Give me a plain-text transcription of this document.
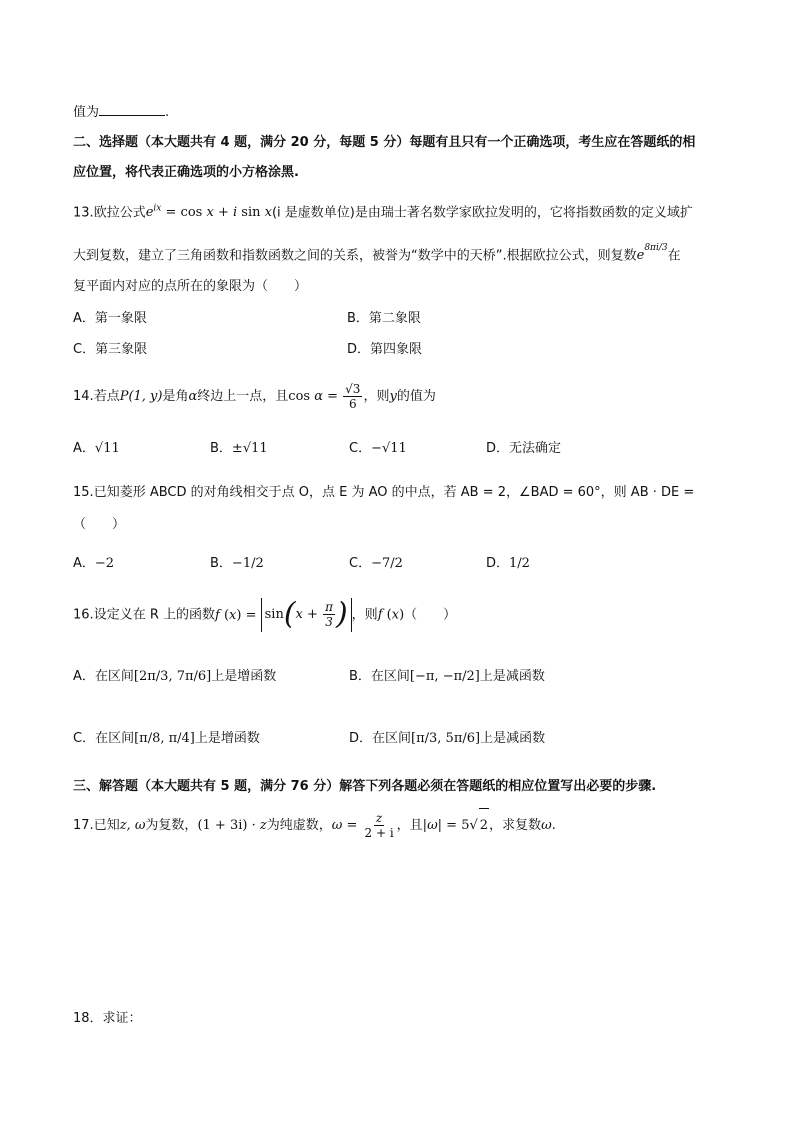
值为	.
二、选择题（本大题共有 4 题，满分 20 分，每题 5 分）每题有且只有一个正确选项，考生应在答题纸的相
应位置，将代表正确选项的小方格涂黑.
13.欧拉公式$e^{ix} = \cos x + i$ sin x(i 是虚数单位)是由瑞士著名数学家欧拉发明的，它将指数函数的定义域扩
大到复数，建立了三角函数和指数函数之间的关系，被誉为“数学中的天桥”.根据欧拉公式，则复数$e^{8\pi i/3}$在
复平面内对应的点所在的象限为（　　）
A．第一象限	B．第二象限
C．第三象限	D．第四象限
14.若点P(1, y)是角α终边上一点，且$\cos \alpha = \frac{√3}{6}$ ，则y的值为
A．√11	B．±√11	C．−√11	D．无法确定
15.已知菱形 ABCD 的对角线相交于点 O，点 E 为 AO 的中点，若 AB = 2，∠BAD = 60°，则 AB · DE =
（　　）
A．−2	B．−1/2	C．−7/2	D．1/2
16.设定义在 R 上的函数f $(x) = \sin(x + \frac{\pi}{3}$ ) ，则f (x)（　　）
A．在区间[2π/3, 7π/6]上是增函数	B．在区间[−π, −π/2]上是减函数
C．在区间[π/8, π/4]上是增函数	D．在区间[π/3, 5π/6]上是减函数
三、解答题（本大题共有 5 题，满分 76 分）解答下列各题必须在答题纸的相应位置写出必要的步骤.
17.已知z, ω为复数，(1 + 3i) · z为纯虚数，$\omega = \frac{z}{2 + i}$ ，且|ω| = 5√ 2，求复数ω.
18．求证：
